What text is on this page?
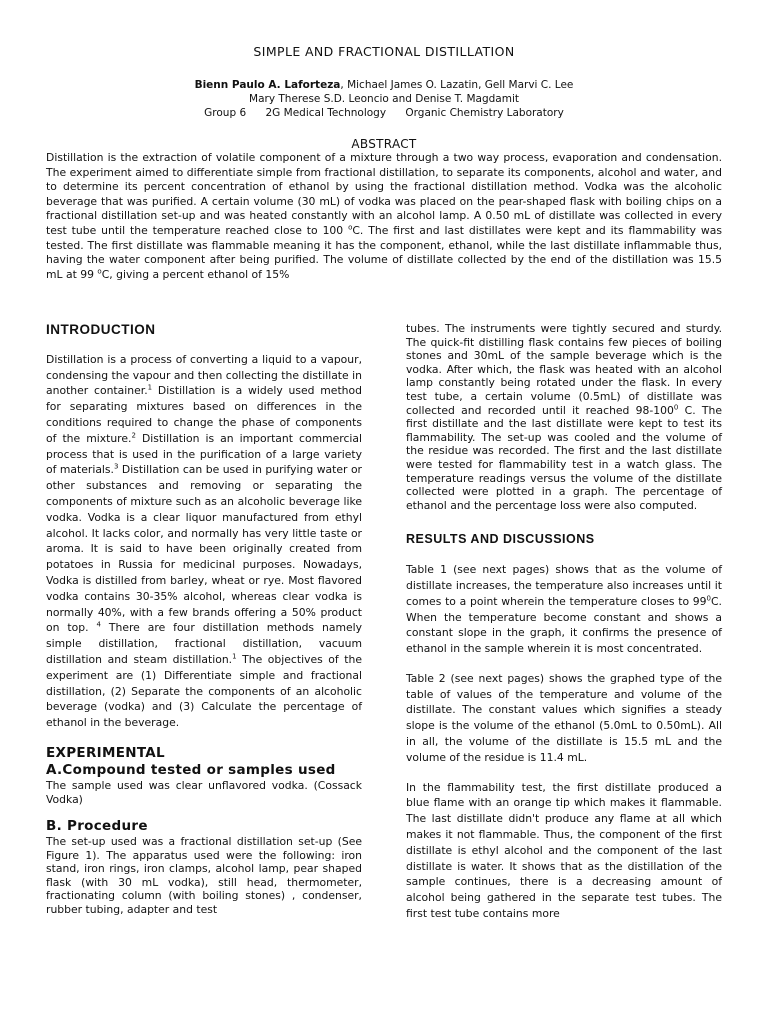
SIMPLE AND FRACTIONAL DISTILLATION
Bienn Paulo A. Laforteza, Michael James O. Lazatin, Gell Marvi C. Lee
Mary Therese S.D. Leoncio and Denise T. Magdamit
Group 6 2G Medical Technology Organic Chemistry Laboratory
ABSTRACT

Distillation is the extraction of volatile component of a mixture through a two way process, evaporation and condensation. The experiment aimed to differentiate simple from fractional distillation, to separate its components, alcohol and water, and to determine its percent concentration of ethanol by using the fractional distillation method. Vodka was the alcoholic beverage that was purified. A certain volume (30 mL) of vodka was placed on the pear-shaped flask with boiling chips on a fractional distillation set-up and was heated constantly with an alcohol lamp. A 0.50 mL of distillate was collected in every test tube until the temperature reached close to 100 $^o$C. The first and last distillates were kept and its flammability was tested. The first distillate was flammable meaning it has the component, ethanol, while the last distillate inflammable thus, having the water component after being purified. The volume of distillate collected by the end of the distillation was 15.5 mL at 99 $^o$C, giving a percent ethanol of 15%

INTRODUCTION

Distillation is a process of converting a liquid to a vapour, condensing the vapour and then collecting the distillate in another container.$^1$ Distillation is a widely used method for separating mixtures based on differences in the conditions required to change the phase of components of the mixture.$^2$ Distillation is an important commercial process that is used in the purification of a large variety of materials.$^3$ Distillation can be used in purifying water or other substances and removing or separating the components of mixture such as an alcoholic beverage like vodka. Vodka is a clear liquor manufactured from ethyl alcohol. It lacks color, and normally has very little taste or aroma. It is said to have been originally created from potatoes in Russia for medicinal purposes. Nowadays, Vodka is distilled from barley, wheat or rye. Most flavored vodka contains 30-35% alcohol, whereas clear vodka is normally 40%, with a few brands offering a 50% product on top. $^4$ There are four distillation methods namely simple distillation, fractional distillation, vacuum distillation and steam distillation.$^1$ The objectives of the experiment are (1) Differentiate simple and fractional distillation, (2) Separate the components of an alcoholic beverage (vodka) and (3) Calculate the percentage of ethanol in the beverage.

EXPERIMENTAL
A.Compound tested or samples used

The sample used was clear unflavored vodka. (Cossack Vodka)

B. Procedure

The set-up used was a fractional distillation set-up (See Figure 1). The apparatus used were the following: iron stand, iron rings, iron clamps, alcohol lamp, pear shaped flask (with 30 mL vodka), still head, thermometer, fractionating column (with boiling stones) , condenser, rubber tubing, adapter and test

tubes. The instruments were tightly secured and sturdy. The quick-fit distilling flask contains few pieces of boiling stones and 30mL of the sample beverage which is the vodka. After which, the flask was heated with an alcohol lamp constantly being rotated under the flask. In every test tube, a certain volume (0.5mL) of distillate was collected and recorded until it reached $98-100^0$ C. The first distillate and the last distillate were kept to test its flammability. The set-up was cooled and the volume of the residue was recorded. The first and the last distillate were tested for flammability test in a watch glass. The temperature readings versus the volume of the distillate collected were plotted in a graph. The percentage of ethanol and the percentage loss were also computed.

RESULTS AND DISCUSSIONS

Table 1 (see next pages) shows that as the volume of distillate increases, the temperature also increases until it comes to a point wherein the temperature closes to $99^0C$. When the temperature become constant and shows a constant slope in the graph, it confirms the presence of ethanol in the sample wherein it is most concentrated.

Table 2 (see next pages) shows the graphed type of the table of values of the temperature and volume of the distillate. The constant values which signifies a steady slope is the volume of the ethanol (5.0mL to 0.50mL). All in all, the volume of the distillate is 15.5 mL and the volume of the residue is 11.4 mL.

In the flammability test, the first distillate produced a blue flame with an orange tip which makes it flammable. The last distillate didn't produce any flame at all which makes it not flammable. Thus, the component of the first distillate is ethyl alcohol and the component of the last distillate is water. It shows that as the distillation of the sample continues, there is a decreasing amount of alcohol being gathered in the separate test tubes. The first test tube contains more
